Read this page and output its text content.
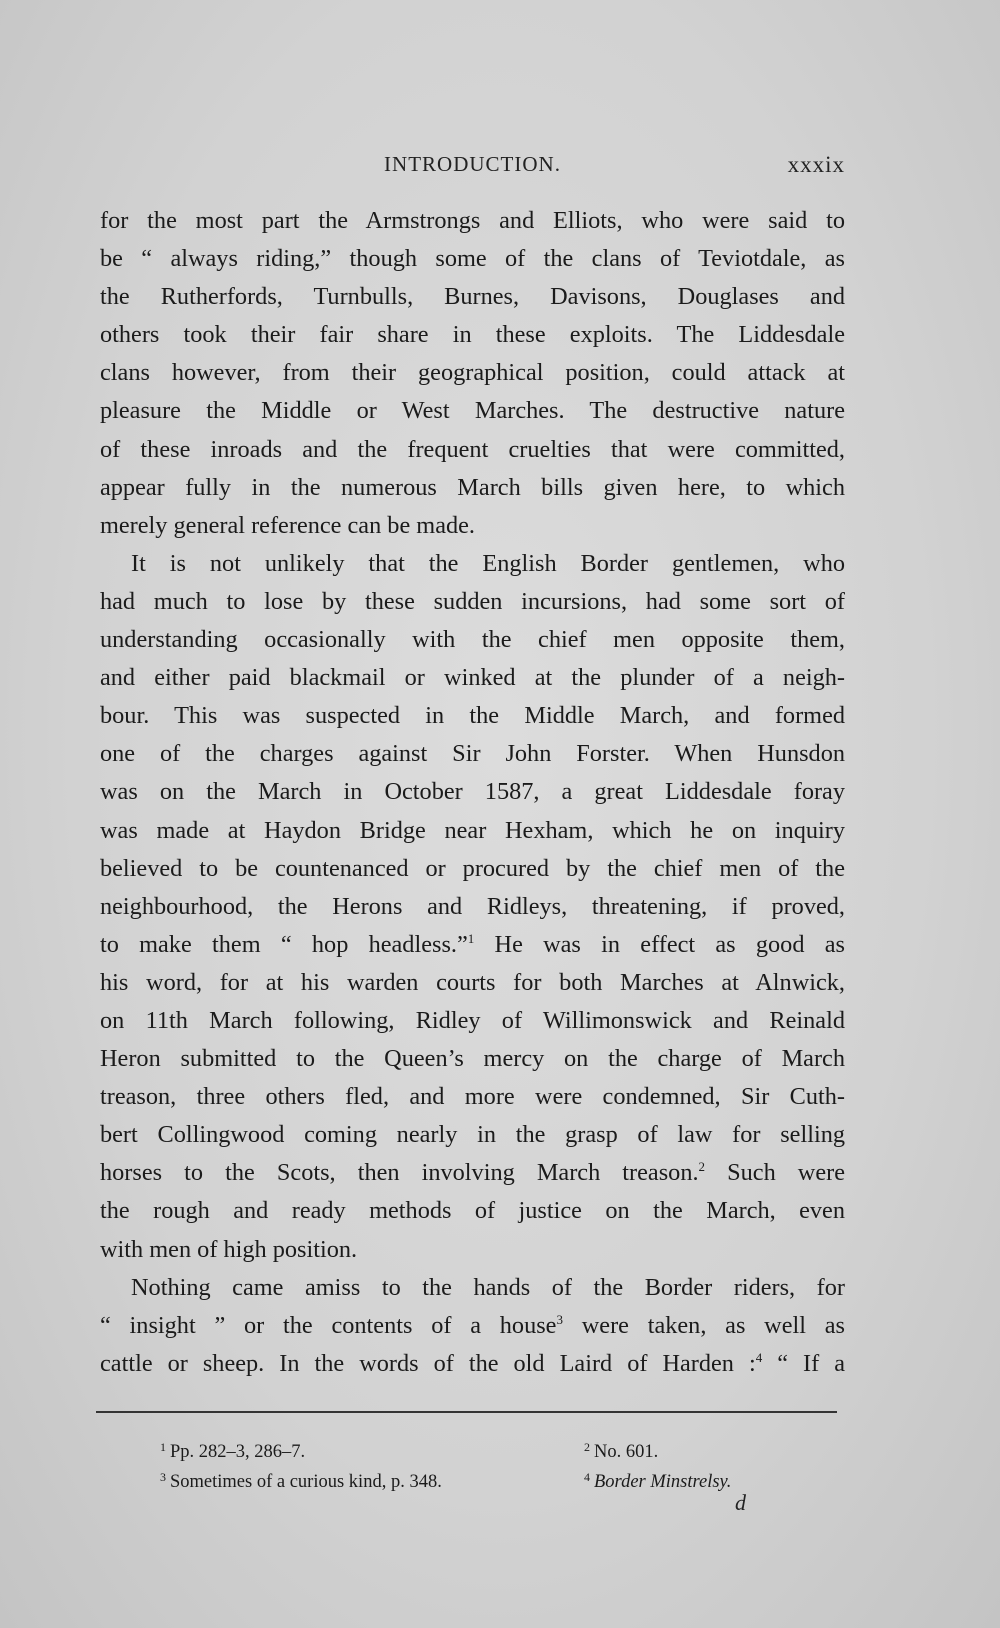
INTRODUCTION.	xxxix
for the most part the Armstrongs and Elliots, who were said to
be “ always riding,” though some of the clans of Teviotdale, as
the Rutherfords, Turnbulls, Burnes, Davisons, Douglases and
others took their fair share in these exploits. The Liddesdale
clans however, from their geographical position, could attack at
pleasure the Middle or West Marches. The destructive nature
of these inroads and the frequent cruelties that were committed,
appear fully in the numerous March bills given here, to which
merely general reference can be made.
It is not unlikely that the English Border gentlemen, who
had much to lose by these sudden incursions, had some sort of
understanding occasionally with the chief men opposite them,
and either paid blackmail or winked at the plunder of a neigh-
bour. This was suspected in the Middle March, and formed
one of the charges against Sir John Forster. When Hunsdon
was on the March in October 1587, a great Liddesdale foray
was made at Haydon Bridge near Hexham, which he on inquiry
believed to be countenanced or procured by the chief men of the
neighbourhood, the Herons and Ridleys, threatening, if proved,
to make them “ hop headless.”$^1$ He was in effect as good as
his word, for at his warden courts for both Marches at Alnwick,
on 11th March following, Ridley of Willimonswick and Reinald
Heron submitted to the Queen’s mercy on the charge of March
treason, three others fled, and more were condemned, Sir Cuth-
bert Collingwood coming nearly in the grasp of law for selling
horses to the Scots, then involving March treason.$^2$ Such were
the rough and ready methods of justice on the March, even
with men of high position.
Nothing came amiss to the hands of the Border riders, for
“ insight ” or the contents of a house$^3$ were taken, as well as
cattle or sheep. In the words of the old Laird of Harden :$^4$ “ If a
$^1$ Pp. 282–3, 286–7.	$^2$ No. 601.
$^3$ Sometimes of a curious kind, p. 348.	$^4$ Border Minstrelsy.
d
